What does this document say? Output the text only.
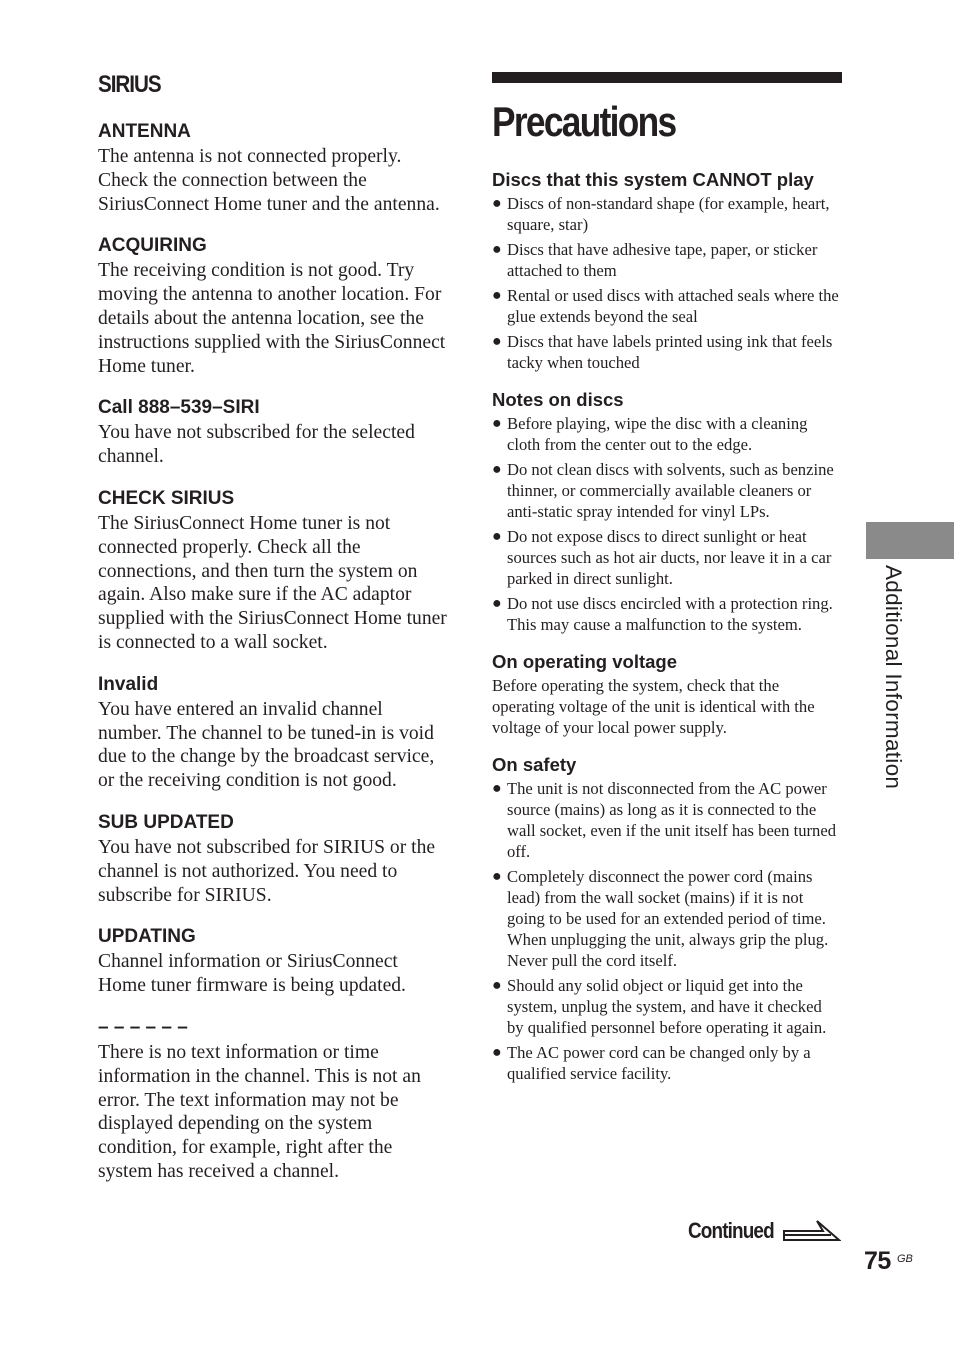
SIRIUS

ANTENNA

The antenna is not connected properly. Check the connection between the SiriusConnect Home tuner and the antenna.

ACQUIRING

The receiving condition is not good. Try moving the antenna to another location. For details about the antenna location, see the instructions supplied with the SiriusConnect Home tuner.

Call 888–539–SIRI

You have not subscribed for the selected channel.

CHECK SIRIUS

The SiriusConnect Home tuner is not connected properly. Check all the connections, and then turn the system on again. Also make sure if the AC adaptor supplied with the SiriusConnect Home tuner is connected to a wall socket.

Invalid

You have entered an invalid channel number. The channel to be tuned-in is void due to the change by the broadcast service, or the receiving condition is not good.

SUB UPDATED

You have not subscribed for SIRIUS or the channel is not authorized. You need to subscribe for SIRIUS.

UPDATING

Channel information or SiriusConnect Home tuner firmware is being updated.

– – – – – –

There is no text information or time information in the channel. This is not an error. The text information may not be displayed depending on the system condition, for example, right after the system has received a channel.

Precautions

Discs that this system CANNOT play

● Discs of non-standard shape (for example, heart, square, star)
● Discs that have adhesive tape, paper, or sticker attached to them
● Rental or used discs with attached seals where the glue extends beyond the seal
● Discs that have labels printed using ink that feels tacky when touched

Notes on discs

● Before playing, wipe the disc with a cleaning cloth from the center out to the edge.
● Do not clean discs with solvents, such as benzine thinner, or commercially available cleaners or anti-static spray intended for vinyl LPs.
● Do not expose discs to direct sunlight or heat sources such as hot air ducts, nor leave it in a car parked in direct sunlight.
● Do not use discs encircled with a protection ring. This may cause a malfunction to the system.

On operating voltage

Before operating the system, check that the operating voltage of the unit is identical with the voltage of your local power supply.

On safety

● The unit is not disconnected from the AC power source (mains) as long as it is connected to the wall socket, even if the unit itself has been turned off.
● Completely disconnect the power cord (mains lead) from the wall socket (mains) if it is not going to be used for an extended period of time. When unplugging the unit, always grip the plug. Never pull the cord itself.
● Should any solid object or liquid get into the system, unplug the system, and have it checked by qualified personnel before operating it again.
● The AC power cord can be changed only by a qualified service facility.
Additional Information
Continued
75 GB
